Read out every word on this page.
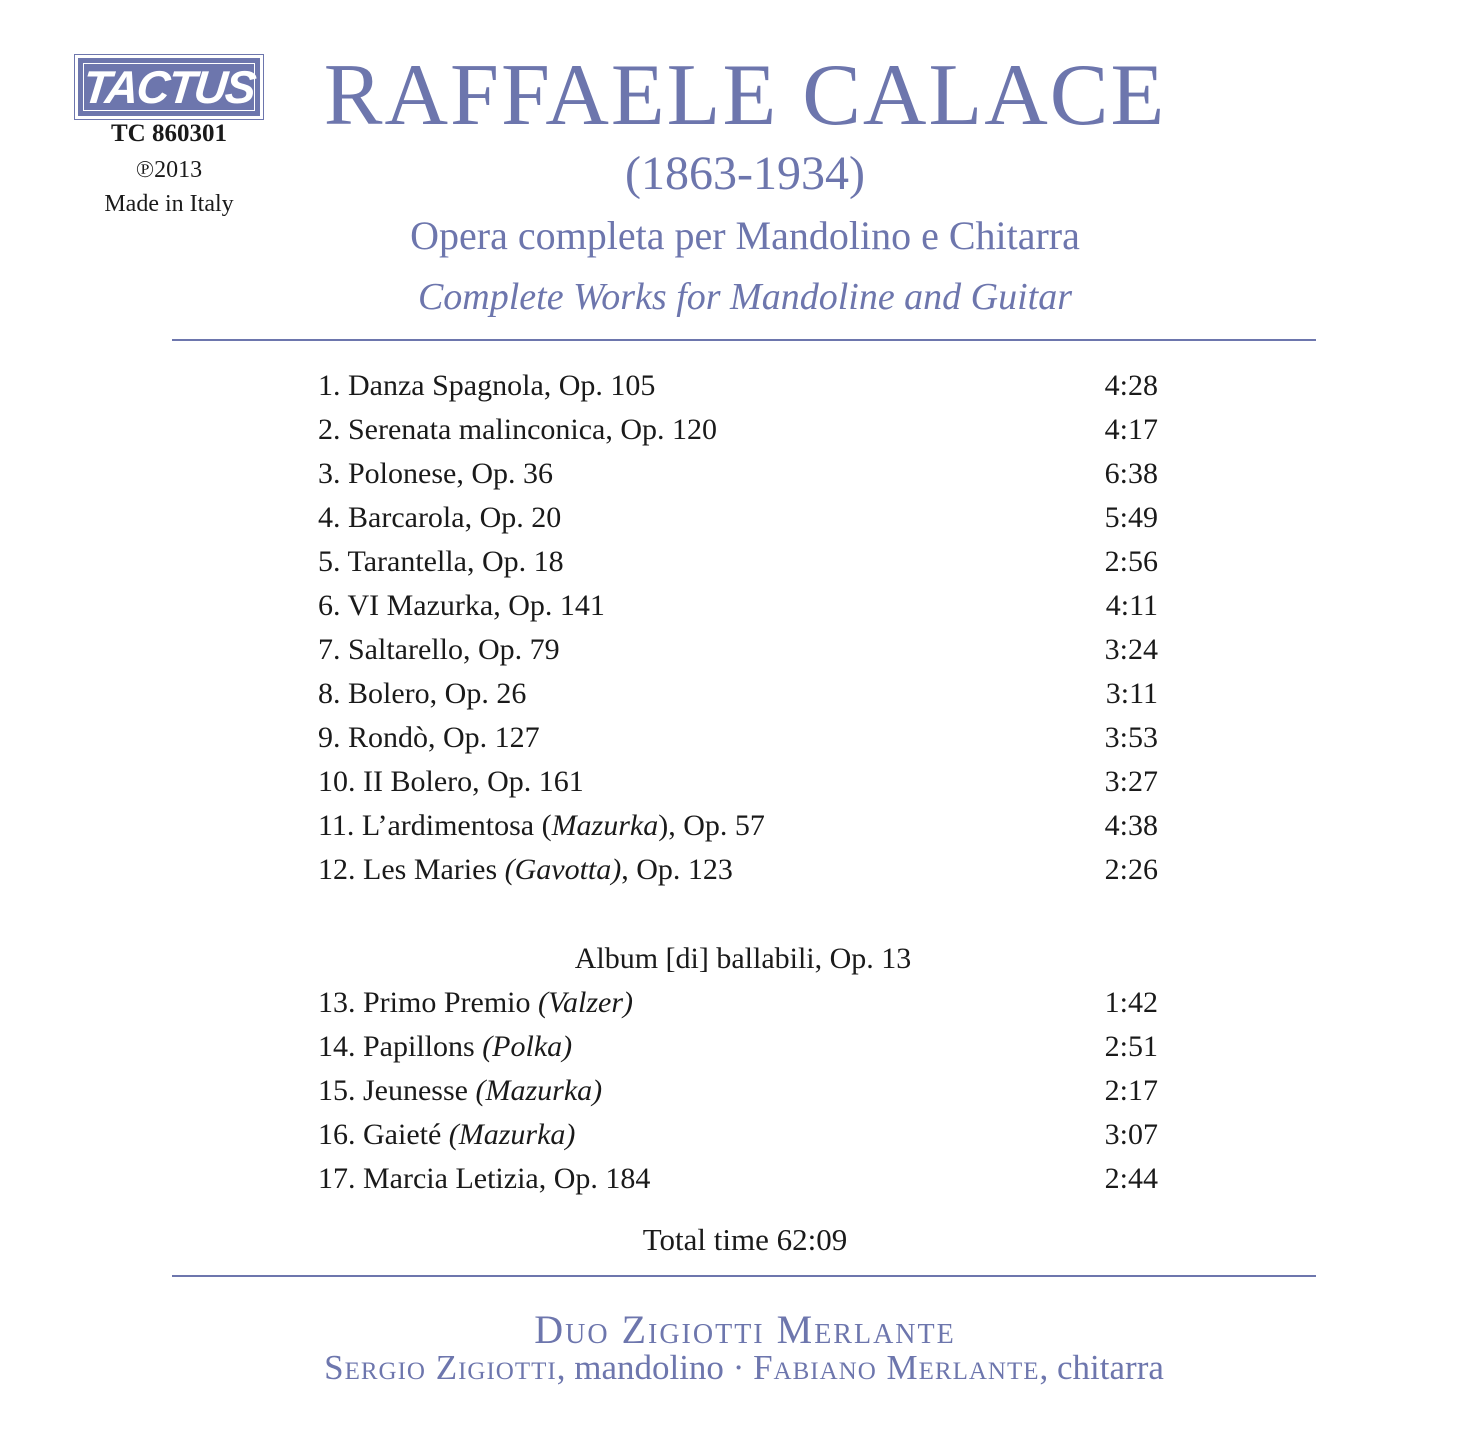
TACTUS
TC 860301
℗2013
Made in Italy
RAFFAELE CALACE
(1863-1934)
Opera completa per Mandolino e Chitarra
Complete Works for Mandoline and Guitar
1. Danza Spagnola, Op. 105	4:28
2. Serenata malinconica, Op. 120	4:17
3. Polonese, Op. 36	6:38
4. Barcarola, Op. 20	5:49
5. Tarantella, Op. 18	2:56
6. VI Mazurka, Op. 141	4:11
7. Saltarello, Op. 79	3:24
8. Bolero, Op. 26	3:11
9. Rondò, Op. 127	3:53
10. II Bolero, Op. 161	3:27
11. L’ardimentosa (Mazurka), Op. 57	4:38
12. Les Maries (Gavotta), Op. 123	2:26
Album [di] ballabili, Op. 13
13. Primo Premio (Valzer)	1:42
14. Papillons (Polka)	2:51
15. Jeunesse (Mazurka)	2:17
16. Gaieté (Mazurka)	3:07
17. Marcia Letizia, Op. 184	2:44
Total time 62:09
Duo Zigiotti Merlante
Sergio Zigiotti, mandolino · Fabiano Merlante, chitarra
